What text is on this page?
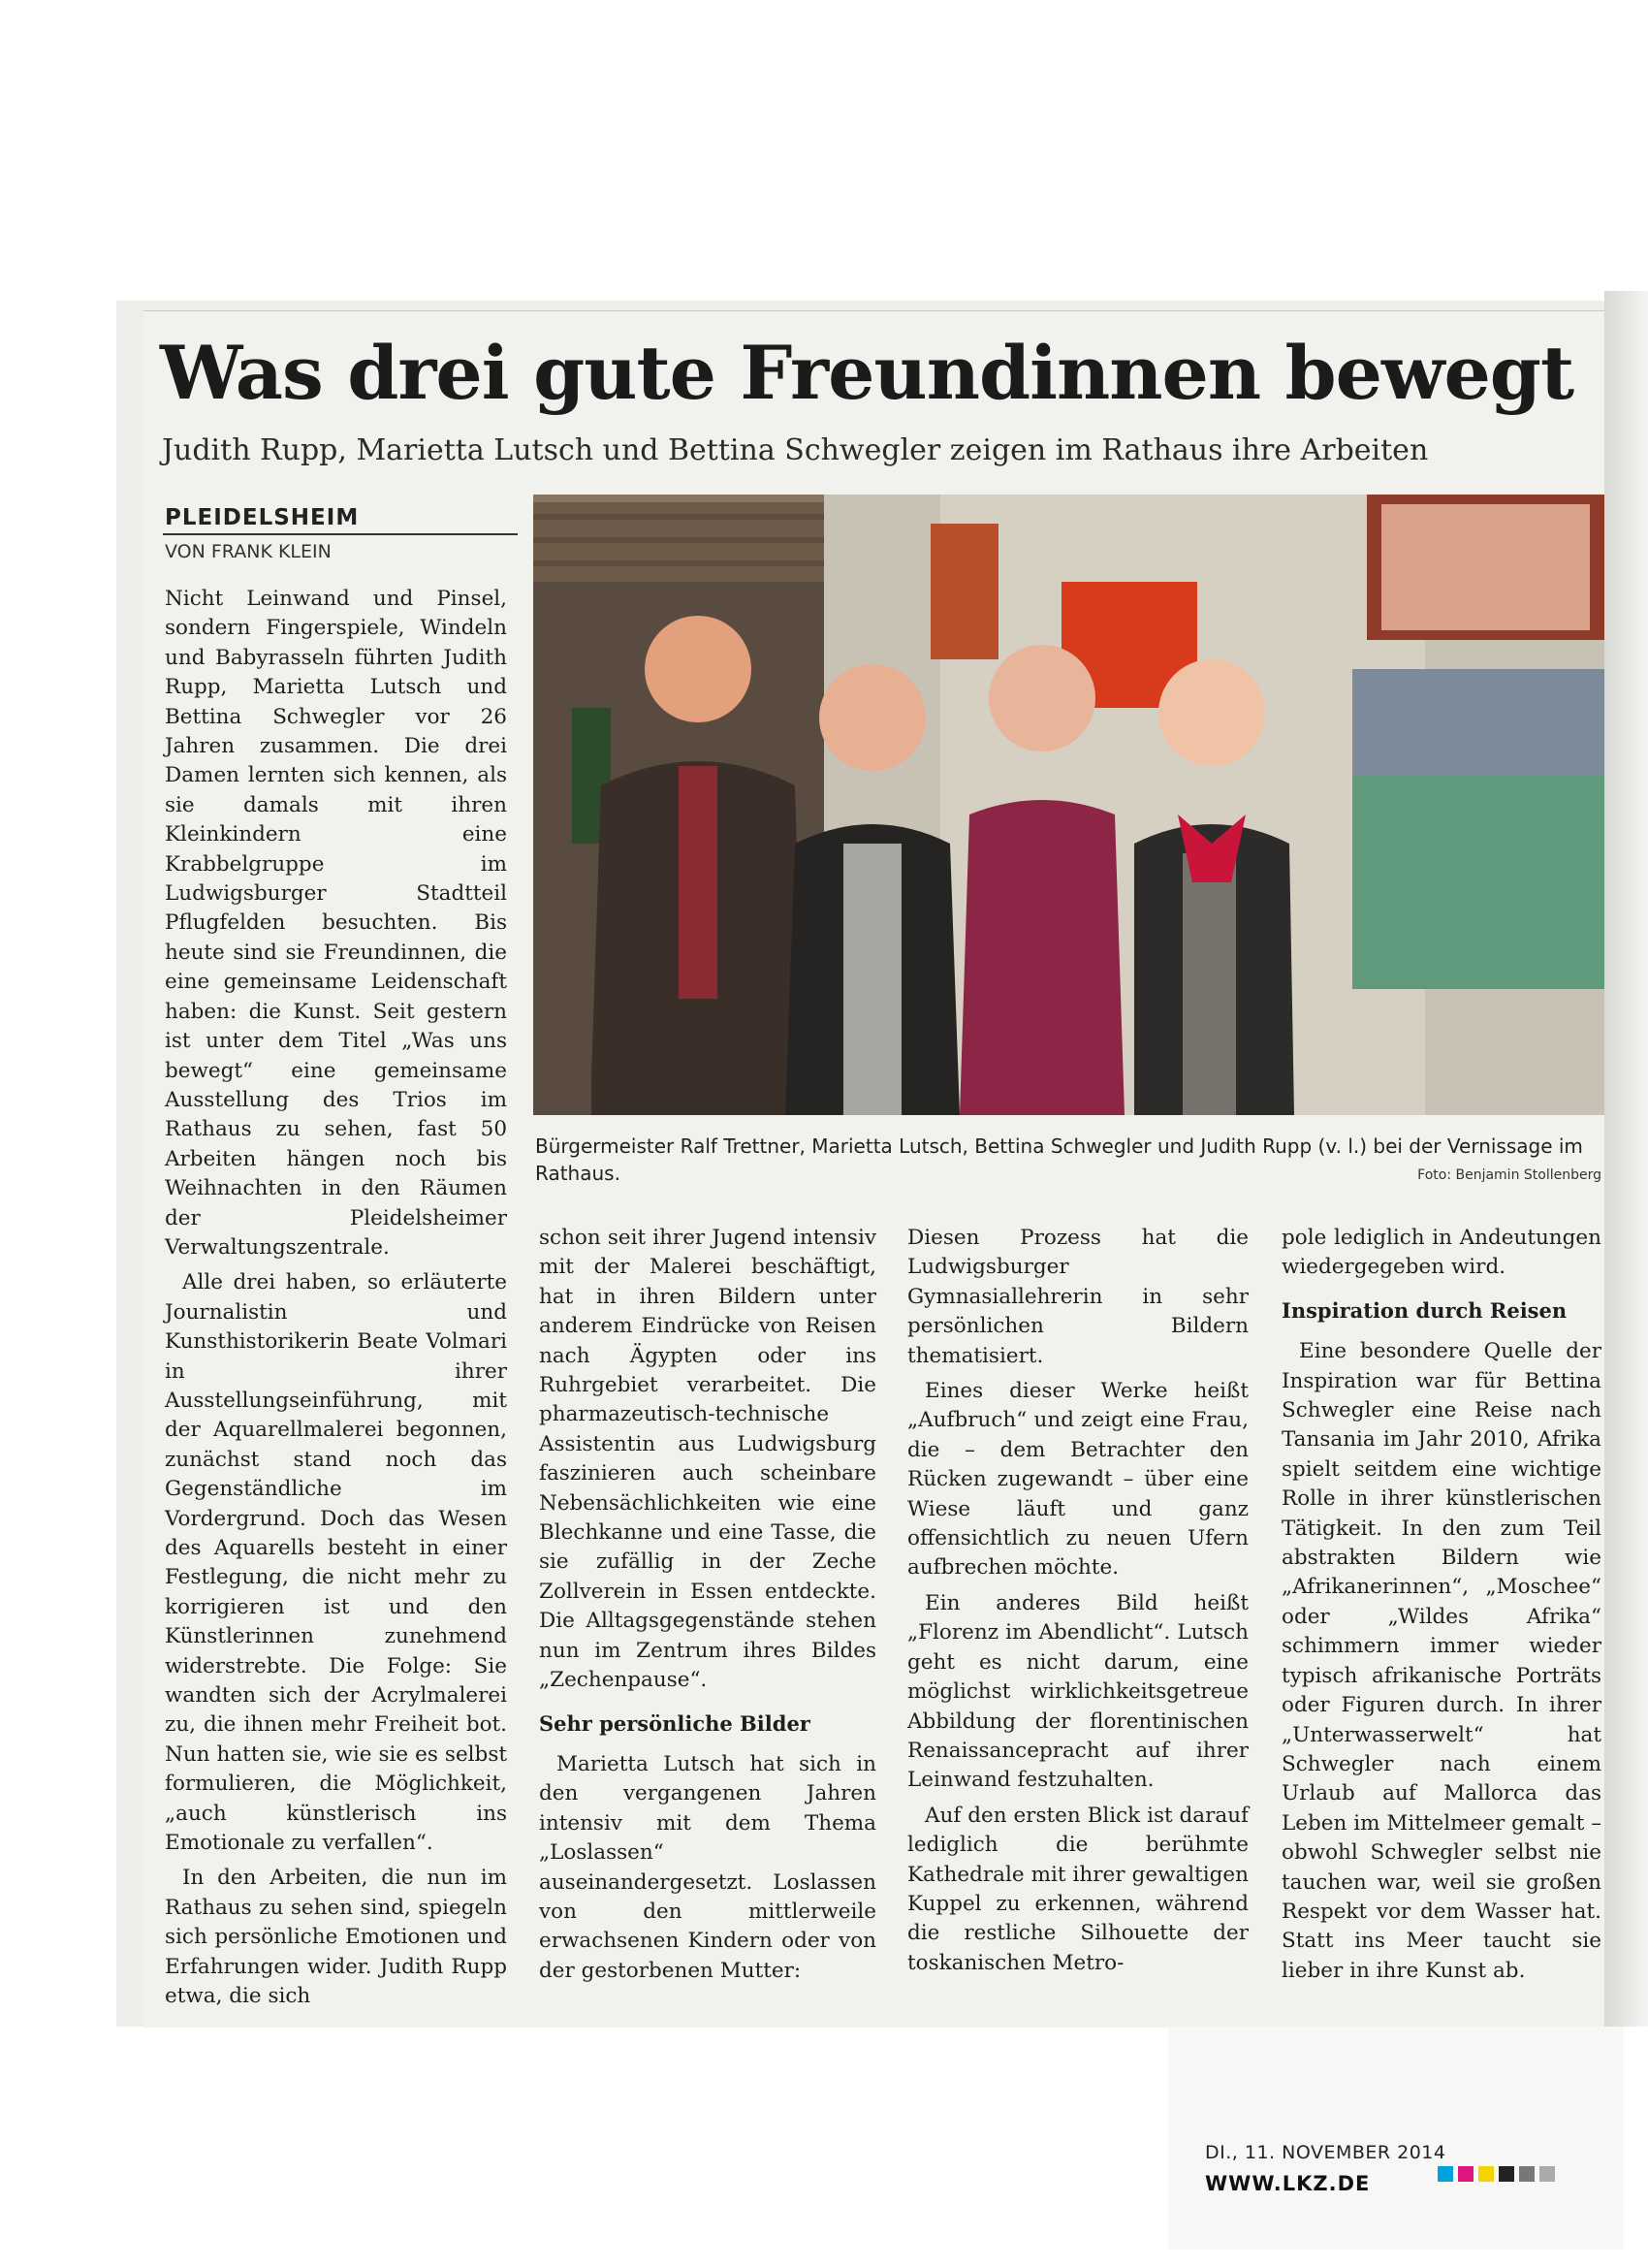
Was drei gute Freundinnen bewegt
Judith Rupp, Marietta Lutsch und Bettina Schwegler zeigen im Rathaus ihre Arbeiten
PLEIDELSHEIM
VON FRANK KLEIN

Nicht Leinwand und Pinsel, sondern Fingerspiele, Windeln und Babyrasseln führten Judith Rupp, Marietta Lutsch und Bettina Schwegler vor 26 Jahren zusammen. Die drei Damen lernten sich kennen, als sie damals mit ihren Kleinkindern eine Krabbelgruppe im Ludwigsburger Stadtteil Pflugfelden besuchten. Bis heute sind sie Freundinnen, die eine gemeinsame Leidenschaft haben: die Kunst. Seit gestern ist unter dem Titel „Was uns bewegt“ eine gemeinsame Ausstellung des Trios im Rathaus zu sehen, fast 50 Arbeiten hängen noch bis Weihnachten in den Räumen der Pleidelsheimer Verwaltungszentrale.

Alle drei haben, so erläuterte Journalistin und Kunsthistorikerin Beate Volmari in ihrer Ausstellungseinführung, mit der Aquarellmalerei begonnen, zunächst stand noch das Gegenständliche im Vordergrund. Doch das Wesen des Aquarells besteht in einer Festlegung, die nicht mehr zu korrigieren ist und den Künstlerinnen zunehmend widerstrebte. Die Folge: Sie wandten sich der Acrylmalerei zu, die ihnen mehr Freiheit bot. Nun hatten sie, wie sie es selbst formulieren, die Möglichkeit, „auch künstlerisch ins Emotionale zu verfallen“.

In den Arbeiten, die nun im Rathaus zu sehen sind, spiegeln sich persönliche Emotionen und Erfahrungen wider. Judith Rupp etwa, die sich

Bürgermeister Ralf Trettner, Marietta Lutsch, Bettina Schwegler und Judith Rupp (v. l.) bei der Vernissage im Rathaus.	Foto: Benjamin Stollenberg

schon seit ihrer Jugend intensiv mit der Malerei beschäftigt, hat in ihren Bildern unter anderem Eindrücke von Reisen nach Ägypten oder ins Ruhrgebiet verarbeitet. Die pharmazeutisch-technische Assistentin aus Ludwigsburg faszinieren auch scheinbare Nebensächlichkeiten wie eine Blechkanne und eine Tasse, die sie zufällig in der Zeche Zollverein in Essen entdeckte. Die Alltagsgegenstände stehen nun im Zentrum ihres Bildes „Zechenpause“.

Sehr persönliche Bilder

Marietta Lutsch hat sich in den vergangenen Jahren intensiv mit dem Thema „Loslassen“ auseinandergesetzt. Loslassen von den mittlerweile erwachsenen Kindern oder von der gestorbenen Mutter:

Diesen Prozess hat die Ludwigsburger Gymnasiallehrerin in sehr persönlichen Bildern thematisiert.

Eines dieser Werke heißt „Aufbruch“ und zeigt eine Frau, die – dem Betrachter den Rücken zugewandt – über eine Wiese läuft und ganz offensichtlich zu neuen Ufern aufbrechen möchte.

Ein anderes Bild heißt „Florenz im Abendlicht“. Lutsch geht es nicht darum, eine möglichst wirklichkeitsgetreue Abbildung der florentinischen Renaissancepracht auf ihrer Leinwand festzuhalten.

Auf den ersten Blick ist darauf lediglich die berühmte Kathedrale mit ihrer gewaltigen Kuppel zu erkennen, während die restliche Silhouette der toskanischen Metro-

pole lediglich in Andeutungen wiedergegeben wird.

Inspiration durch Reisen

Eine besondere Quelle der Inspiration war für Bettina Schwegler eine Reise nach Tansania im Jahr 2010, Afrika spielt seitdem eine wichtige Rolle in ihrer künstlerischen Tätigkeit. In den zum Teil abstrakten Bildern wie „Afrikanerinnen“, „Moschee“ oder „Wildes Afrika“ schimmern immer wieder typisch afrikanische Porträts oder Figuren durch. In ihrer „Unterwasserwelt“ hat Schwegler nach einem Urlaub auf Mallorca das Leben im Mittelmeer gemalt – obwohl Schwegler selbst nie tauchen war, weil sie großen Respekt vor dem Wasser hat. Statt ins Meer taucht sie lieber in ihre Kunst ab.

DI., 11. NOVEMBER 2014
WWW.LKZ.DE
